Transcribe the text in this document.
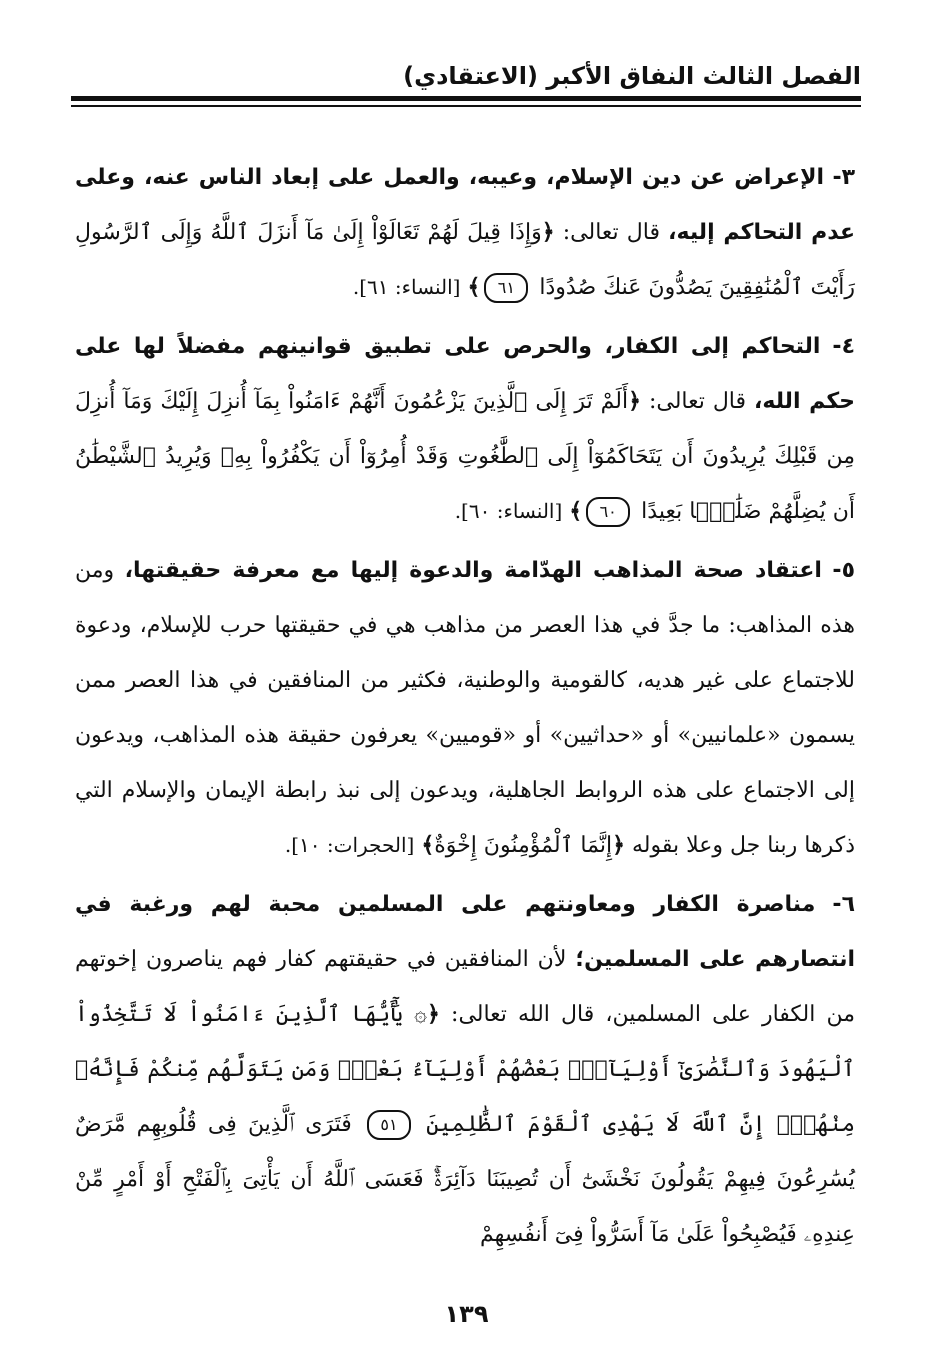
الفصل الثالث النفاق الأكبر (الاعتقادي)

٣- الإعراض عن دين الإسلام، وعيبه، والعمل على إبعاد الناس عنه، وعلى عدم التحاكم إليه، قال تعالى: ﴿وَإِذَا قِيلَ لَهُمْ تَعَالَوْاْ إِلَىٰ مَآ أَنزَلَ ٱللَّهُ وَإِلَى ٱلرَّسُولِ رَأَيْتَ ٱلْمُنَٰفِقِينَ يَصُدُّونَ عَنكَ صُدُودًا ٦١﴾ [النساء: ٦١].

٤- التحاكم إلى الكفار، والحرص على تطبيق قوانينهم مفضلاً لها على حكم الله، قال تعالى: ﴿أَلَمْ تَرَ إِلَى ٱلَّذِينَ يَزْعُمُونَ أَنَّهُمْ ءَامَنُواْ بِمَآ أُنزِلَ إِلَيْكَ وَمَآ أُنزِلَ مِن قَبْلِكَ يُرِيدُونَ أَن يَتَحَاكَمُوٓاْ إِلَى ٱلطَّٰغُوتِ وَقَدْ أُمِرُوٓاْ أَن يَكْفُرُواْ بِهِۦ وَيُرِيدُ ٱلشَّيْطَٰنُ أَن يُضِلَّهُمْ ضَلَٰلًۢا بَعِيدًا ٦٠﴾ [النساء: ٦٠].

٥- اعتقاد صحة المذاهب الهدّامة والدعوة إليها مع معرفة حقيقتها، ومن هذه المذاهب: ما جدَّ في هذا العصر من مذاهب هي في حقيقتها حرب للإسلام، ودعوة للاجتماع على غير هديه، كالقومية والوطنية، فكثير من المنافقين في هذا العصر ممن يسمون «علمانيين» أو «حداثيين» أو «قوميين» يعرفون حقيقة هذه المذاهب، ويدعون إلى الاجتماع على هذه الروابط الجاهلية، ويدعون إلى نبذ رابطة الإيمان والإسلام التي ذكرها ربنا جل وعلا بقوله ﴿إِنَّمَا ٱلْمُؤْمِنُونَ إِخْوَةٌ﴾ [الحجرات: ١٠].

٦- مناصرة الكفار ومعاونتهم على المسلمين محبة لهم ورغبة في انتصارهم على المسلمين؛ لأن المنافقين في حقيقتهم كفار فهم يناصرون إخوتهم من الكفار على المسلمين، قال الله تعالى: ﴿۞ يَٰٓأَيُّهَا ٱلَّذِينَ ءَامَنُواْ لَا تَتَّخِذُواْ ٱلْيَهُودَ وَٱلنَّصَٰرَىٰٓ أَوْلِيَآءَۘ بَعْضُهُمْ أَوْلِيَآءُ بَعْضٍۚ وَمَن يَتَوَلَّهُم مِّنكُمْ فَإِنَّهُۥ مِنْهُمْۗ إِنَّ ٱللَّهَ لَا يَهْدِى ٱلْقَوْمَ ٱلظَّٰلِمِينَ ٥١ فَتَرَى ٱلَّذِينَ فِى قُلُوبِهِم مَّرَضٌ يُسَٰرِعُونَ فِيهِمْ يَقُولُونَ نَخْشَىٰٓ أَن تُصِيبَنَا دَآئِرَةٌۚ فَعَسَى ٱللَّهُ أَن يَأْتِىَ بِٱلْفَتْحِ أَوْ أَمْرٍ مِّنْ عِندِهِۦ فَيُصْبِحُواْ عَلَىٰ مَآ أَسَرُّواْ فِىٓ أَنفُسِهِمْ

١٣٩
